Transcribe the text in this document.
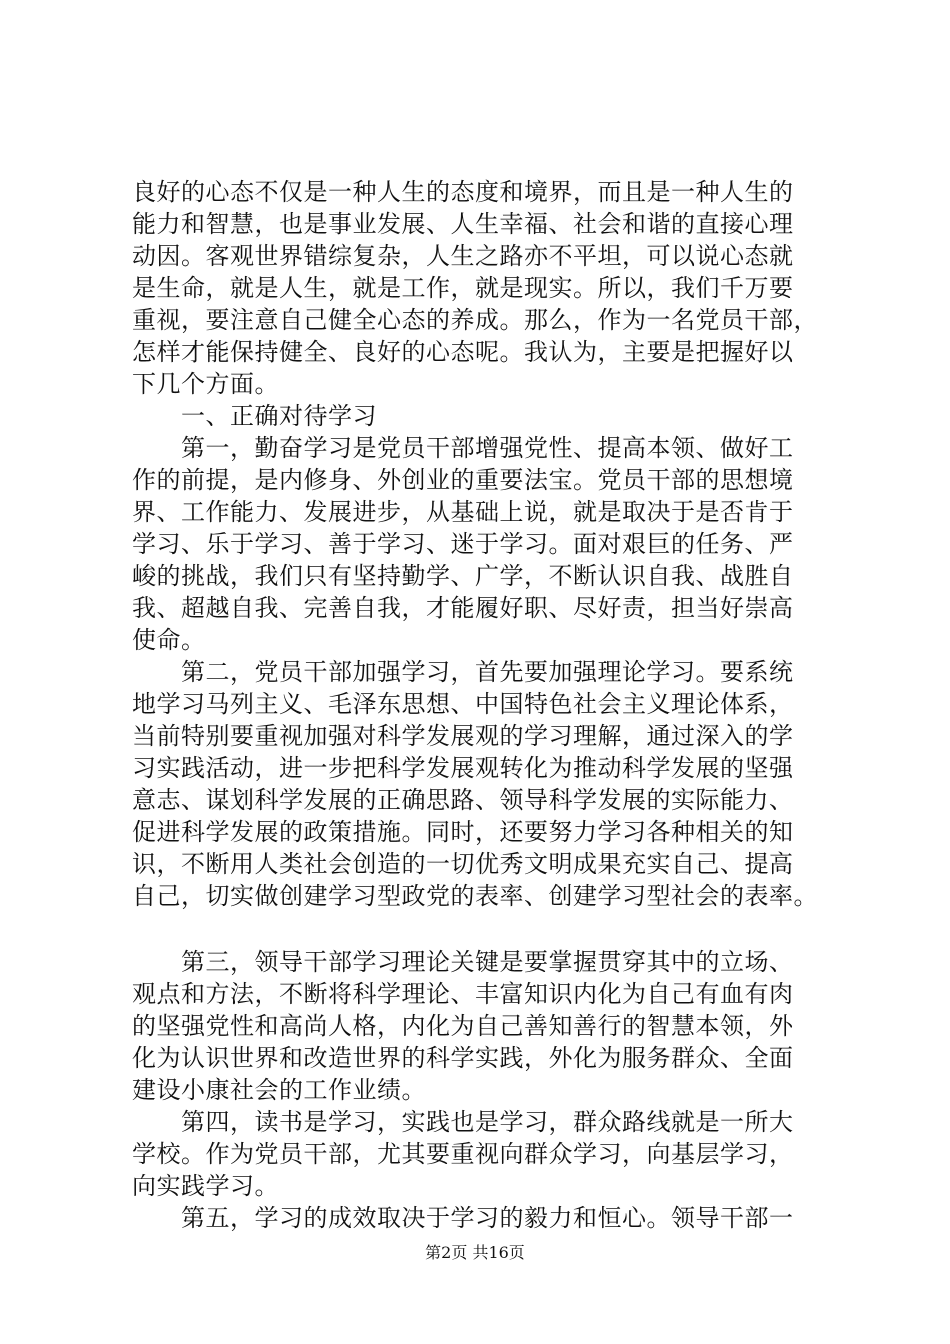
良好的心态不仅是一种人生的态度和境界，而且是一种人生的
能力和智慧，也是事业发展、人生幸福、社会和谐的直接心理
动因。客观世界错综复杂，人生之路亦不平坦，可以说心态就
是生命，就是人生，就是工作，就是现实。所以，我们千万要
重视，要注意自己健全心态的养成。那么，作为一名党员干部，
怎样才能保持健全、良好的心态呢。我认为，主要是把握好以
下几个方面。
　　一、正确对待学习
　　第一，勤奋学习是党员干部增强党性、提高本领、做好工
作的前提，是内修身、外创业的重要法宝。党员干部的思想境
界、工作能力、发展进步，从基础上说，就是取决于是否肯于
学习、乐于学习、善于学习、迷于学习。面对艰巨的任务、严
峻的挑战，我们只有坚持勤学、广学，不断认识自我、战胜自
我、超越自我、完善自我，才能履好职、尽好责，担当好崇高
使命。
　　第二，党员干部加强学习，首先要加强理论学习。要系统
地学习马列主义、毛泽东思想、中国特色社会主义理论体系，
当前特别要重视加强对科学发展观的学习理解，通过深入的学
习实践活动，进一步把科学发展观转化为推动科学发展的坚强
意志、谋划科学发展的正确思路、领导科学发展的实际能力、
促进科学发展的政策措施。同时，还要努力学习各种相关的知
识，不断用人类社会创造的一切优秀文明成果充实自己、提高
自己，切实做创建学习型政党的表率、创建学习型社会的表率。
　　第三，领导干部学习理论关键是要掌握贯穿其中的立场、
观点和方法，不断将科学理论、丰富知识内化为自己有血有肉
的坚强党性和高尚人格，内化为自己善知善行的智慧本领，外
化为认识世界和改造世界的科学实践，外化为服务群众、全面
建设小康社会的工作业绩。
　　第四，读书是学习，实践也是学习，群众路线就是一所大
学校。作为党员干部，尤其要重视向群众学习，向基层学习，
向实践学习。
　　第五，学习的成效取决于学习的毅力和恒心。领导干部一
第2页 共16页
